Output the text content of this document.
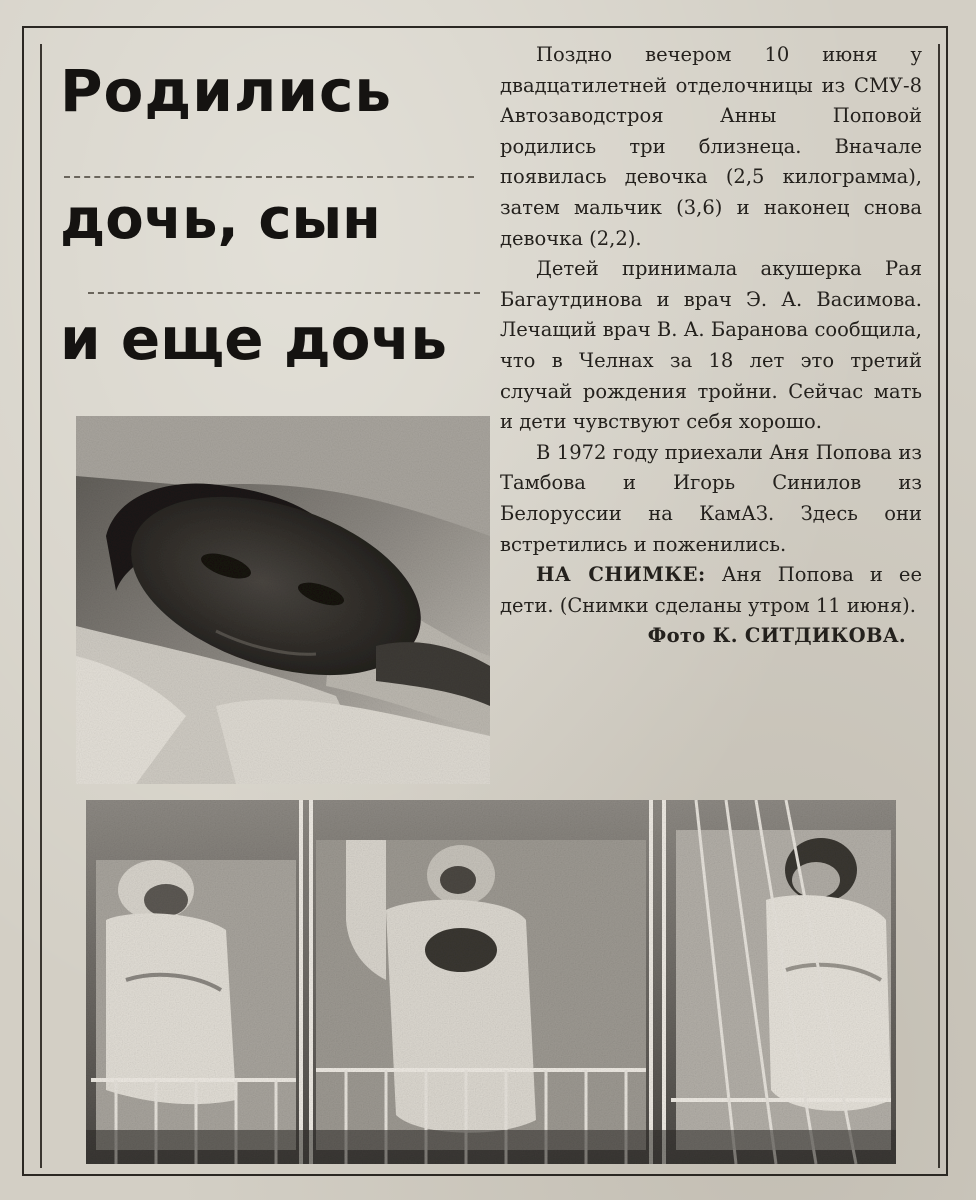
Родились
дочь, сын
и еще дочь

Поздно вечером 10 июня у двадцатилетней отделочницы из СМУ-8 Автозаводстроя Анны Поповой родились три близнеца. Вначале появилась девочка (2,5 килограмма), затем мальчик (3,6) и наконец снова девочка (2,2).

Детей принимала акушерка Рая Багаутдинова и врач Э. А. Васимова. Лечащий врач В. А. Баранова сообщила, что в Челнах за 18 лет это третий случай рождения тройни. Сейчас мать и дети чувствуют себя хорошо.

В 1972 году приехали Аня Попова из Тамбова и Игорь Синилов из Белоруссии на КамАЗ. Здесь они встретились и поженились.

НА СНИМКЕ: Аня Попова и ее дети. (Снимки сделаны утром 11 июня).

Фото К. СИТДИКОВА.
